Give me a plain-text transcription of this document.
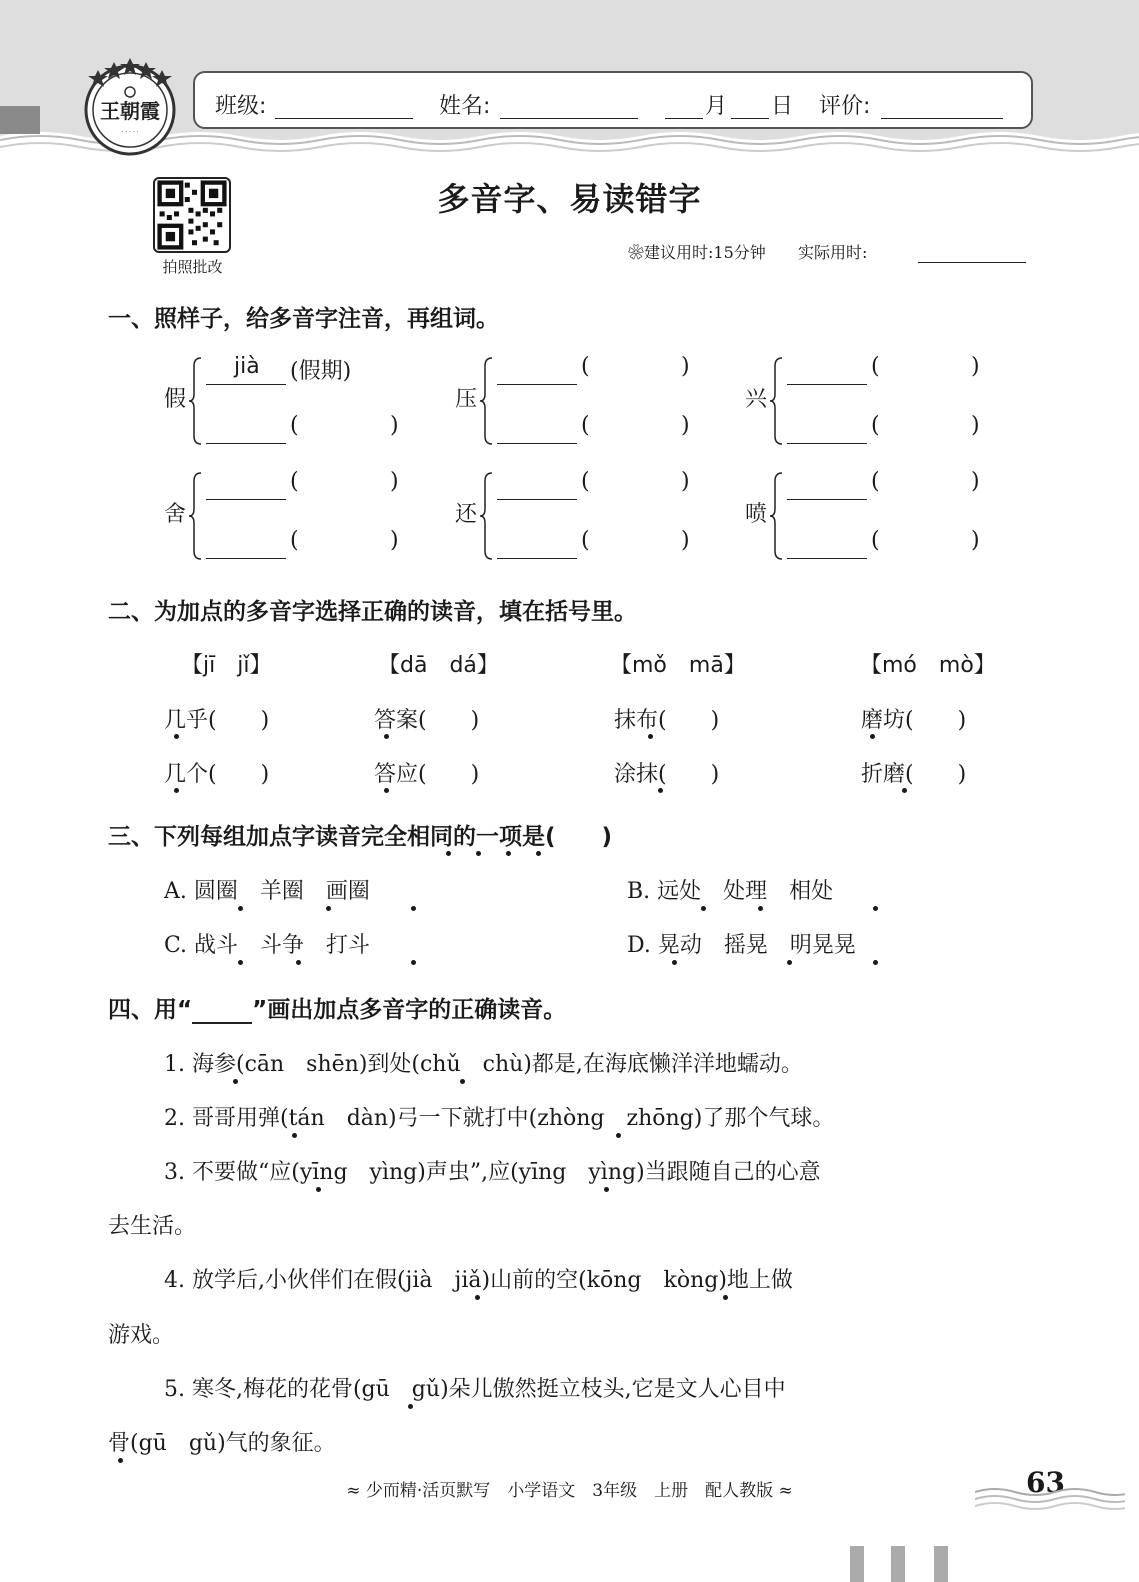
王朝霞
· · · · ·
班级:	姓名:	月 日 评价:
多音字、易读错字
拍照批改
❀建议用时:15分钟 实际用时:
一、照样子，给多音字注音，再组词。
假
jià (假期)
(	)
压
(	)
(	)
兴
(	)
(	)
舍
(	)
(	)
还
(	)
(	)
喷
(	)
(	)
二、为加点的多音字选择正确的读音，填在括号里。
【jī　jǐ】	【dā　dá】	【mǒ　mā】	【mó　mò】
几乎(　　)	答案(　　)	抹布(　　)	磨坊(　　)
几个(　　)	答应(　　)	涂抹(　　)	折磨(　　)
三、下列每组加点字读音完全相同的一项是(　　)
A. 圆圈　羊圈　画圈	B. 远处　处理　相处
C. 战斗　斗争　打斗	D. 晃动　摇晃　明晃晃
四、用“	”画出加点多音字的正确读音。
1. 海参(cān　shēn)到处(chǔ　chù)都是,在海底懒洋洋地蠕动。
2. 哥哥用弹(tán　dàn)弓一下就打中(zhòng　zhōng)了那个气球。
3. 不要做“应(yīng　yìng)声虫”,应(yīng　yìng)当跟随自己的心意
去生活。
4. 放学后,小伙伴们在假(jià　jiǎ)山前的空(kōng　kòng)地上做
游戏。
5. 寒冬,梅花的花骨(gū　gǔ)朵儿傲然挺立枝头,它是文人心目中
骨(gū　gǔ)气的象征。
≈ 少而精·活页默写　小学语文　3年级　上册　配人教版 ≈	63
